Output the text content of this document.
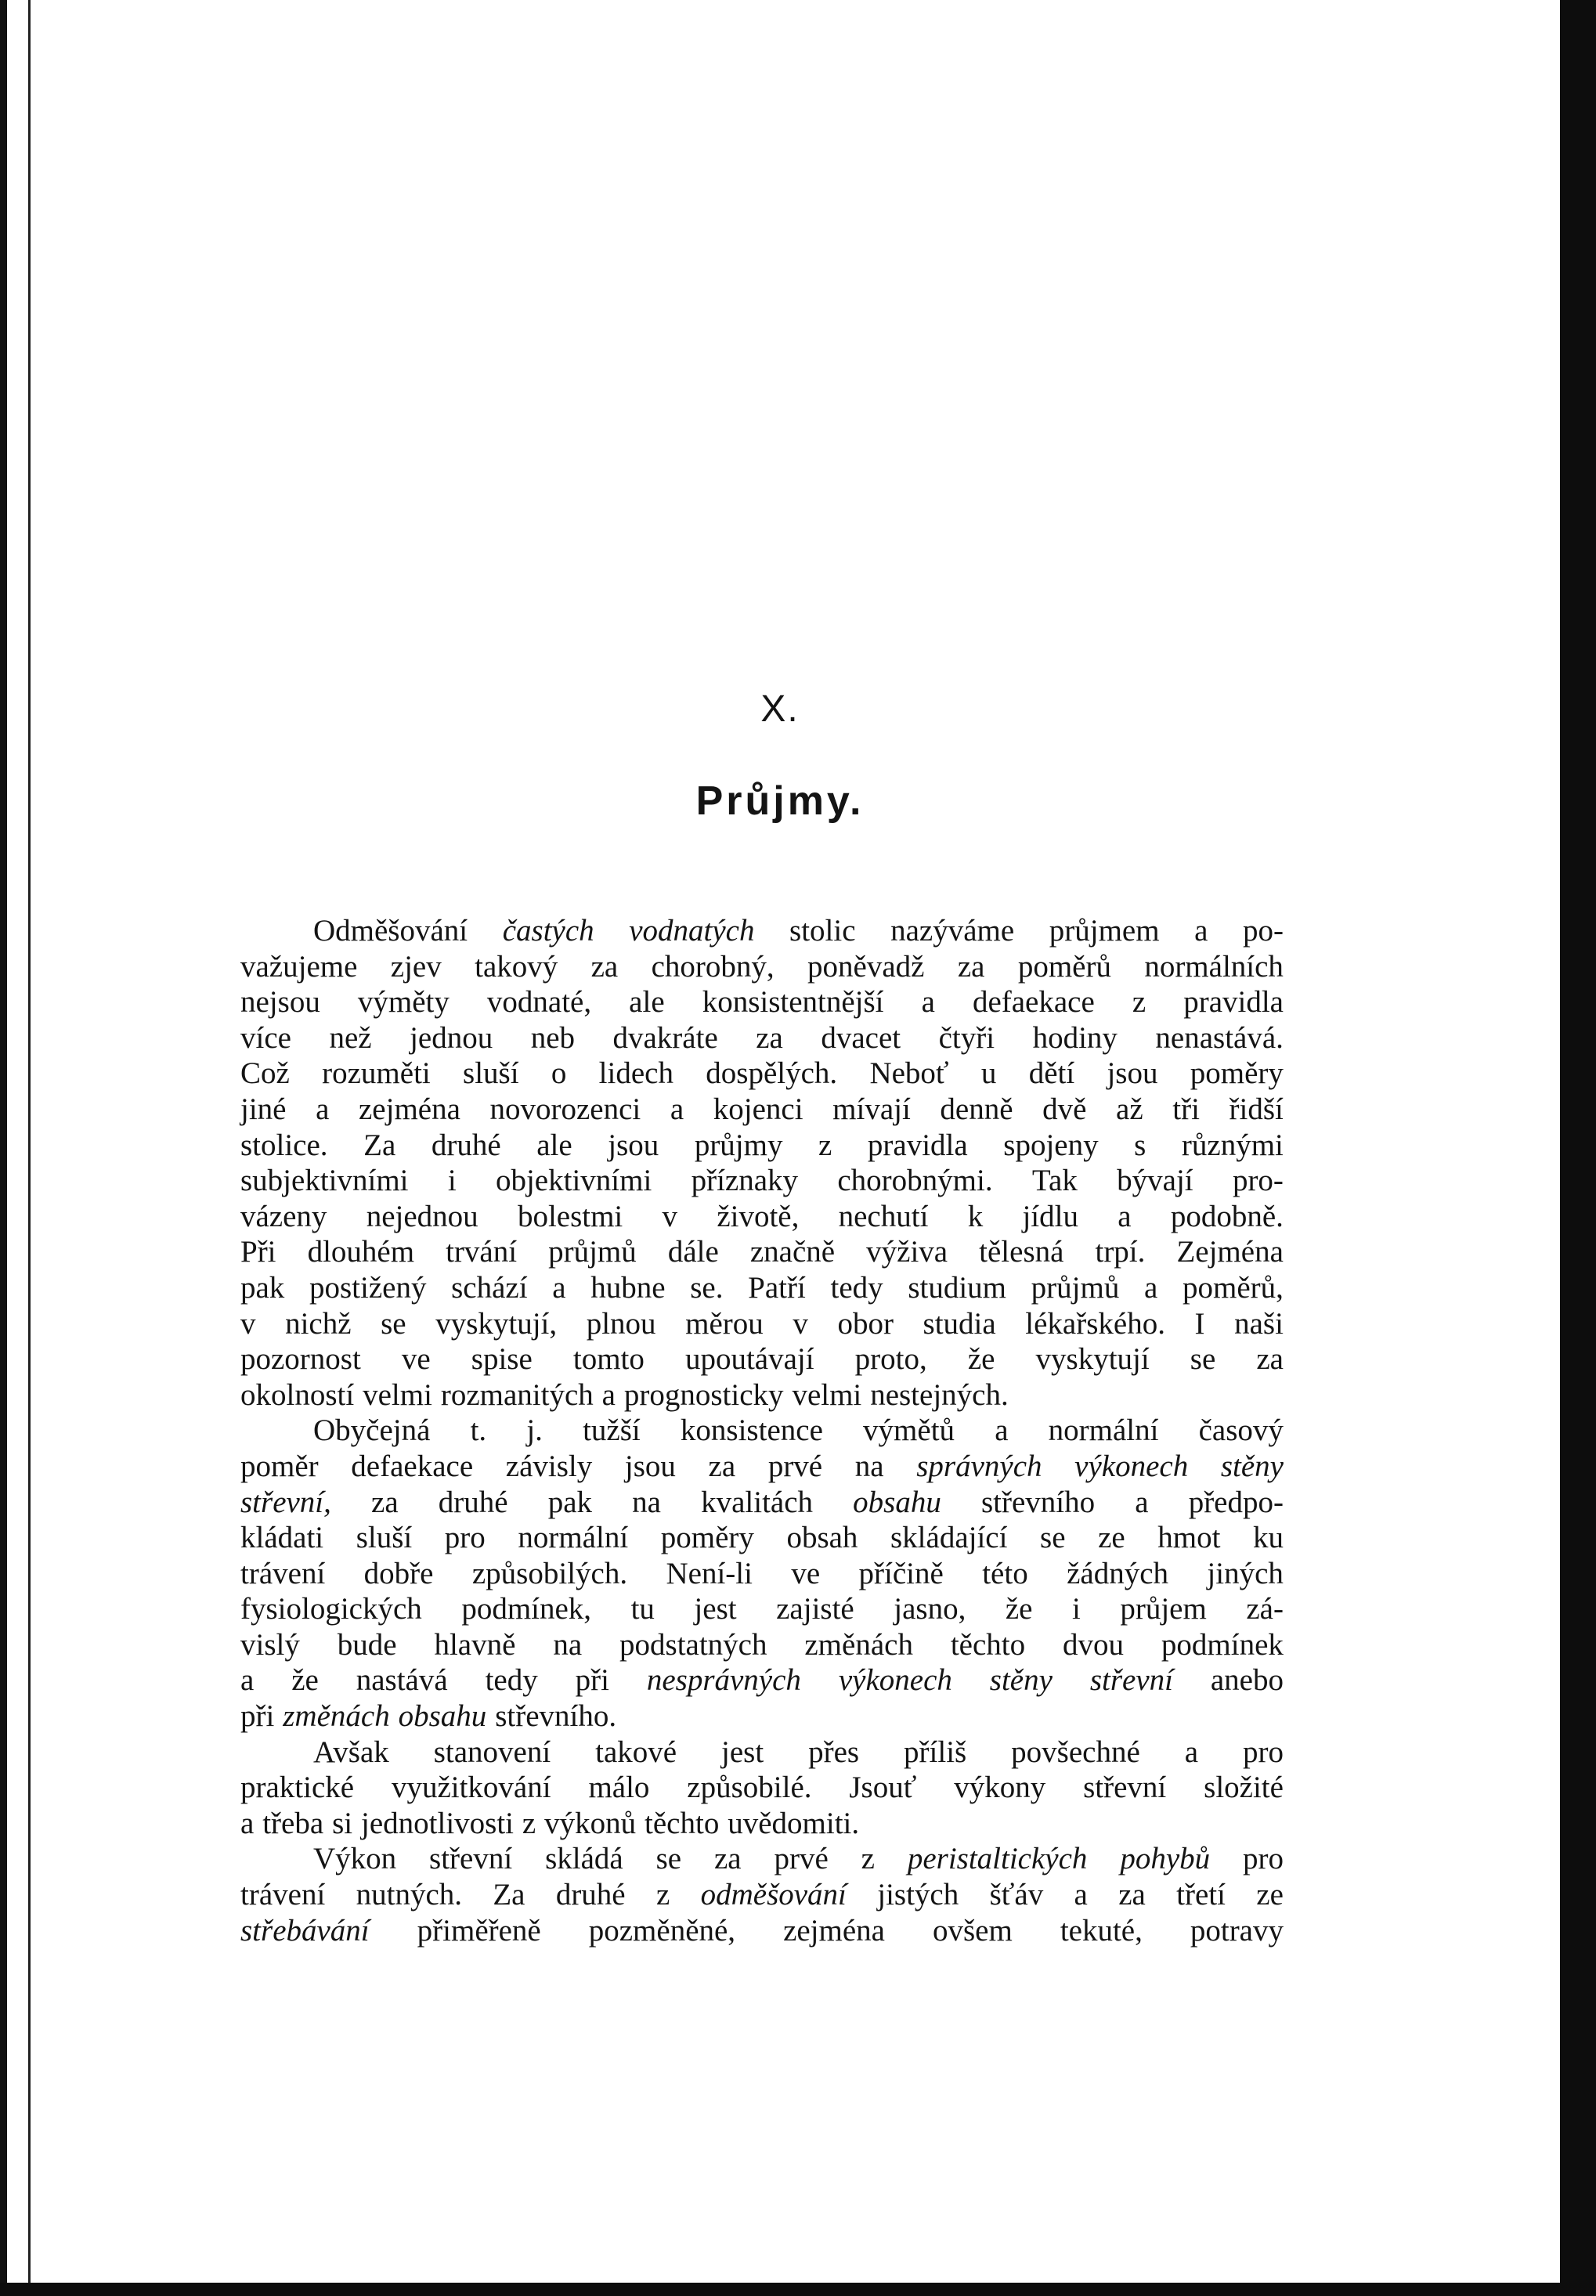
X.
Průjmy.
Odměšování častých vodnatých stolic nazýváme průjmem a po-
važujeme zjev takový za chorobný, poněvadž za poměrů normálních
nejsou výměty vodnaté, ale konsistentnější a defaekace z pravidla
více než jednou neb dvakráte za dvacet čtyři hodiny nenastává.
Což rozuměti sluší o lidech dospělých. Neboť u dětí jsou poměry
jiné a zejména novorozenci a kojenci mívají denně dvě až tři řidší
stolice. Za druhé ale jsou průjmy z pravidla spojeny s různými
subjektivními i objektivními příznaky chorobnými. Tak bývají pro-
vázeny nejednou bolestmi v životě, nechutí k jídlu a podobně.
Při dlouhém trvání průjmů dále značně výživa tělesná trpí. Zejména
pak postižený schází a hubne se. Patří tedy studium průjmů a poměrů,
v nichž se vyskytují, plnou měrou v obor studia lékařského. I naši
pozornost ve spise tomto upoutávají proto, že vyskytují se za
okolností velmi rozmanitých a prognosticky velmi nestejných.
Obyčejná t. j. tužší konsistence výmětů a normální časový
poměr defaekace závisly jsou za prvé na správných výkonech stěny
střevní, za druhé pak na kvalitách obsahu střevního a předpo-
kládati sluší pro normální poměry obsah skládající se ze hmot ku
trávení dobře způsobilých. Není-li ve příčině této žádných jiných
fysiologických podmínek, tu jest zajisté jasno, že i průjem zá-
vislý bude hlavně na podstatných změnách těchto dvou podmínek
a že nastává tedy při nesprávných výkonech stěny střevní anebo
při změnách obsahu střevního.
Avšak stanovení takové jest přes příliš povšechné a pro
praktické využitkování málo způsobilé. Jsouť výkony střevní složité
a třeba si jednotlivosti z výkonů těchto uvědomiti.
Výkon střevní skládá se za prvé z peristaltických pohybů pro
trávení nutných. Za druhé z odměšování jistých šťáv a za třetí ze
střebávání přiměřeně pozměněné, zejména ovšem tekuté, potravy
